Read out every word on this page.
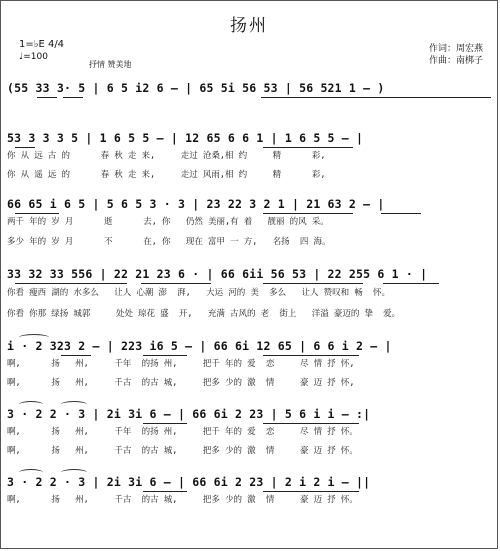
扬州
1=♭E 4/4
♩=100
抒情 赞美地
作词：周宏燕
作曲：南梆子
(55 33 3· 5 | 6 5 i2 6 – | 65 5i 56 53 | 56 521 1 – )
53 3 3 3 5 | 1 6 5 5 – | 12 65 6 6 1 | 1 6 5 5 – |
你 从 远 古 的      春 秋 走 来,     走过 沧桑,相 约     精      彩,
你 从 遥 远 的      春 秋 走 来,     走过 风雨,相 约     精      彩,
66 65 i 6 5 | 5 6 5 3 · 3 | 23 22 3 2 1 | 21 63 2 – |
两千 年的 岁 月      逝      去, 你   仍然 美丽,有 着   靓丽 的风 采。
多少 年的 岁 月      不      在, 你   现在 富甲 一 方,   名扬  四 海。
33 32 33 556 | 22 21 23 6 · | 66 6ii 56 53 | 22 255 6 1 · |
你看 瘦西 湖的 水多么   让人 心潮 澎  湃,   大运 河的 美  多么   让人 赞叹和 畅  怀。
你看 你那 绿扬 城郭     处处 琼花 盛  开,   充满 古风的 老  街上   洋溢 豪迈的 挚  爱。
i · 2 323 2 – | 223 i6 5 – | 66 6i 12 65 | 6 6 i 2 – |
啊,      扬   州,     千年  的扬 州,     把千 年的 爱  恋     尽 情 抒 怀,
啊,      扬   州,     千古  的古 城,     把多 少的 激  情     豪 迈 抒 怀,
3 · 2 2 · 3 | 2i 3i 6 – | 66 6i 2 23 | 5 6 i i – :|
啊,      扬   州,     千年  的扬 州,     把千 年的 爱  恋     尽 情 抒 怀。
啊,      扬   州,     千古  的古 城,     把多 少的 激  情     豪 迈 抒 怀。
3 · 2 2 · 3 | 2i 3i 6 – | 66 6i 2 23 | 2 i 2 i – ||
啊,      扬   州,     千古  的古 城,     把多 少的 激  情     豪 迈 抒 怀。
